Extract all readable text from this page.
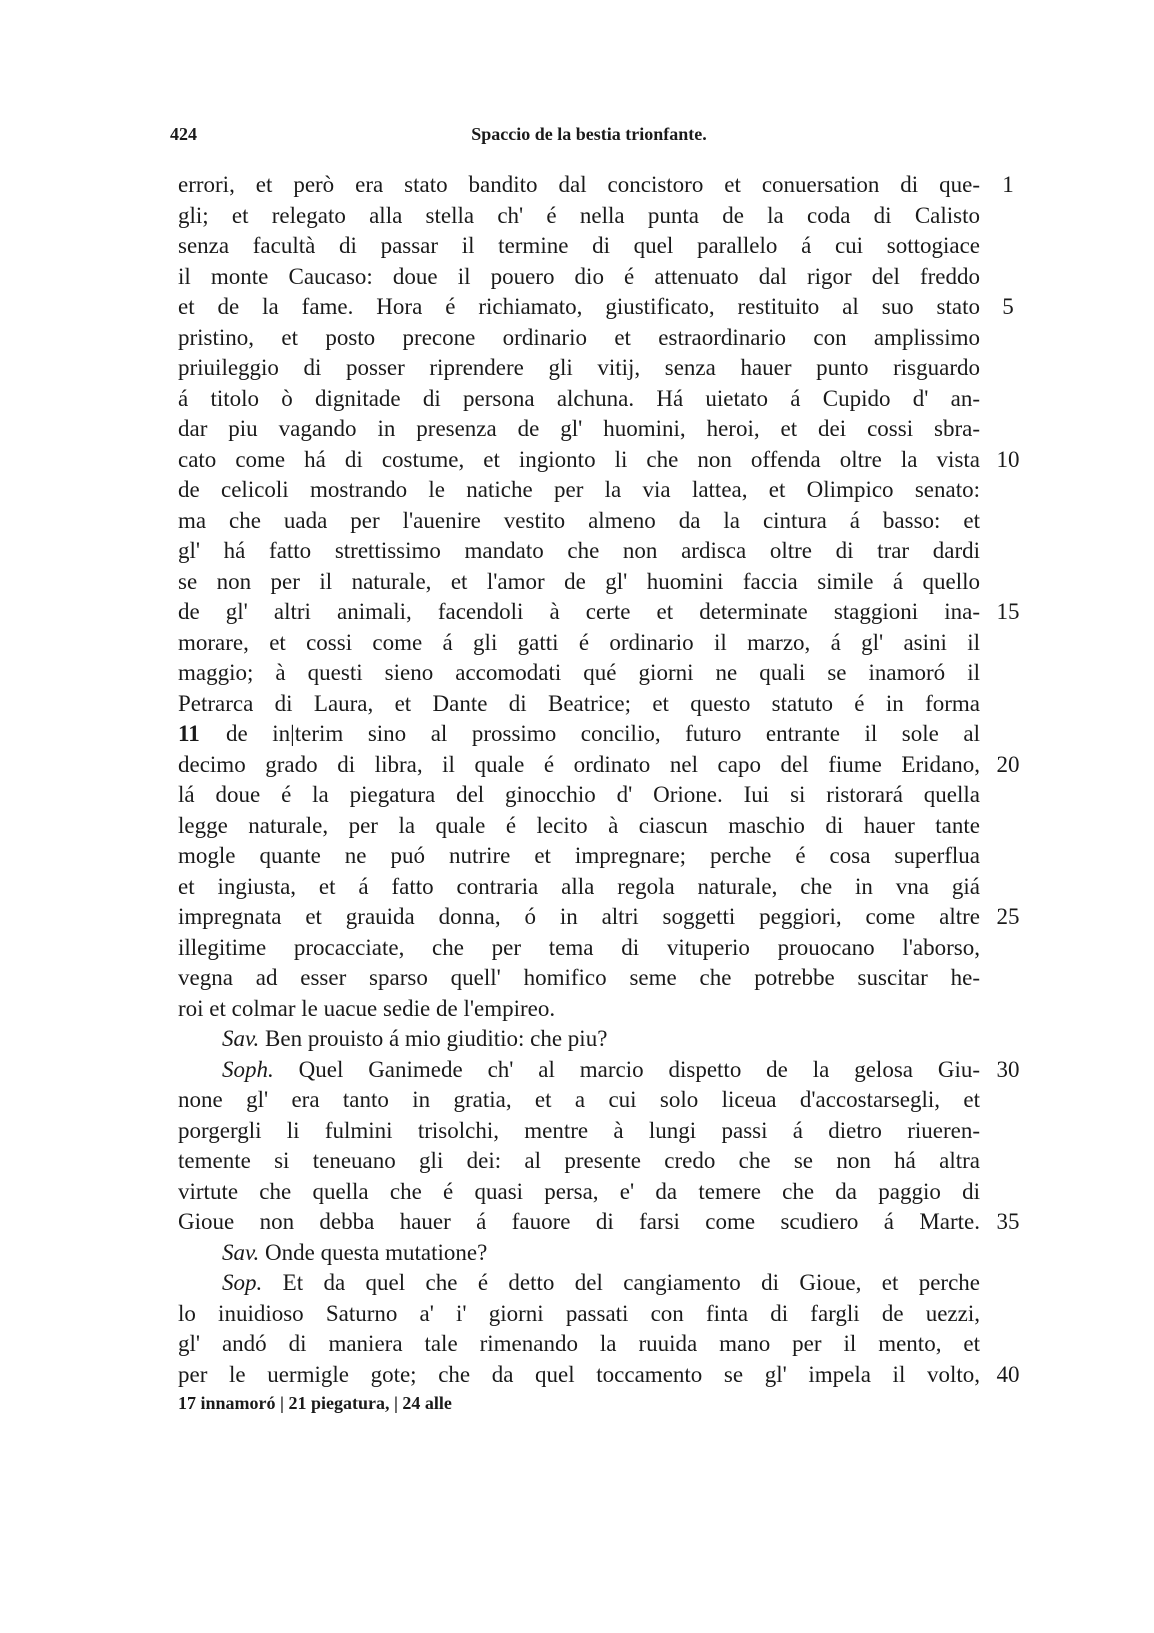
424	Spaccio de la bestia trionfante.
errori, et però era stato bandito dal concistoro et conuersation di que- 1
gli; et relegato alla stella ch' é nella punta de la coda di Calisto
senza facultà di passar il termine di quel parallelo á cui sottogiace
il monte Caucaso: doue il pouero dio é attenuato dal rigor del freddo
et de la fame. Hora é richiamato, giustificato, restituito al suo stato 5
pristino, et posto precone ordinario et estraordinario con amplissimo
priuileggio di posser riprendere gli vitij, senza hauer punto risguardo
á titolo ò dignitade di persona alchuna. Há uietato á Cupido d' an-
dar piu vagando in presenza de gl' huomini, heroi, et dei cossi sbra-
cato come há di costume, et ingionto li che non offenda oltre la vista 10
de celicoli mostrando le natiche per la via lattea, et Olimpico senato:
ma che uada per l'auenire vestito almeno da la cintura á basso: et
gl' há fatto strettissimo mandato che non ardisca oltre di trar dardi
se non per il naturale, et l'amor de gl' huomini faccia simile á quello
de gl' altri animali, facendoli à certe et determinate staggioni ina- 15
morare, et cossi come á gli gatti é ordinario il marzo, á gl' asini il
maggio; à questi sieno accomodati qué giorni ne quali se inamoró il
Petrarca di Laura, et Dante di Beatrice; et questo statuto é in forma
11 de in|terim sino al prossimo concilio, futuro entrante il sole al
decimo grado di libra, il quale é ordinato nel capo del fiume Eridano, 20
lá doue é la piegatura del ginocchio d' Orione. Iui si ristorará quella
legge naturale, per la quale é lecito à ciascun maschio di hauer tante
mogle quante ne puó nutrire et impregnare; perche é cosa superflua
et ingiusta, et á fatto contraria alla regola naturale, che in vna giá
impregnata et grauida donna, ó in altri soggetti peggiori, come altre 25
illegitime procacciate, che per tema di vituperio prouocano l'aborso,
vegna ad esser sparso quell' homifico seme che potrebbe suscitar he-
roi et colmar le uacue sedie de l'empireo.
Sav. Ben prouisto á mio giuditio: che piu?
Soph. Quel Ganimede ch' al marcio dispetto de la gelosa Giu- 30
none gl' era tanto in gratia, et a cui solo liceua d'accostarsegli, et
porgergli li fulmini trisolchi, mentre à lungi passi á dietro riueren-
temente si teneuano gli dei: al presente credo che se non há altra
virtute che quella che é quasi persa, e' da temere che da paggio di
Gioue non debba hauer á fauore di farsi come scudiero á Marte. 35
Sav. Onde questa mutatione?
Sop. Et da quel che é detto del cangiamento di Gioue, et perche
lo inuidioso Saturno a' i' giorni passati con finta di fargli de uezzi,
gl' andó di maniera tale rimenando la ruuida mano per il mento, et
per le uermigle gote; che da quel toccamento se gl' impela il volto, 40
17 innamoró | 21 piegatura, | 24 alle
